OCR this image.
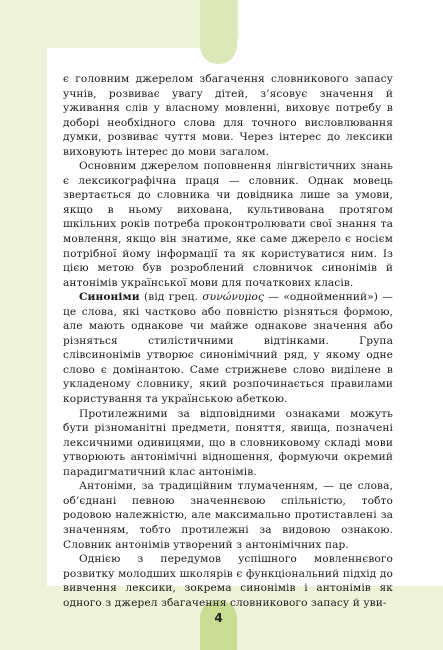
4

є головним джерелом збагачення словникового запасу учнів, розвиває увагу дітей, з’ясовує значення й уживання слів у власному мовленні, виховує потребу в доборі необхідного слова для точного висловлювання думки, розвиває чуття мови. Через інтерес до лексики виховують інтерес до мови загалом.

Основним джерелом поповнення лінгвістичних знань є лексикографічна праця — словник. Однак мовець звертається до словника чи довідника лише за умови, якщо в ньому вихована, культивована протягом шкільних років потреба проконтролювати свої знання та мовлення, якщо він знатиме, яке саме джерело є носієм потрібної йому інформації та як користуватися ним. Із цією метою був розроблений словничок синонімів й антонімів української мови для початкових класів.

Синоніми (від грец. συνώνυμος — «однойменний») — це слова, які частково або повністю різняться формою, але мають однакове чи майже однакове значення або різняться стилістичними відтінками. Група слівсинонімів утворює синонімічний ряд, у якому одне слово є домінантою. Саме стрижневе слово виділене в укладеному словнику, який розпочинається правилами користування та українською абеткою.

Протилежними за відповідними ознаками можуть бути різноманітні предмети, поняття, явища, позначені лексичними одиницями, що в словниковому складі мови утворюють антонімічні відношення, формуючи окремий парадигматичний клас антонімів.

Антоніми, за традиційним тлумаченням, — це слова, об’єднані певною значеннєвою спільністю, тобто родовою належністю, але максимально протиставлені за значенням, тобто протилежні за видовою ознакою. Словник антонімів утворений з антонімічних пар.

Однією з передумов успішного мовленнєвого розвитку молодших школярів є функціональний підхід до вивчення лексики, зокрема синонімів і антонімів як одного з джерел збагачення словникового запасу й уви-
